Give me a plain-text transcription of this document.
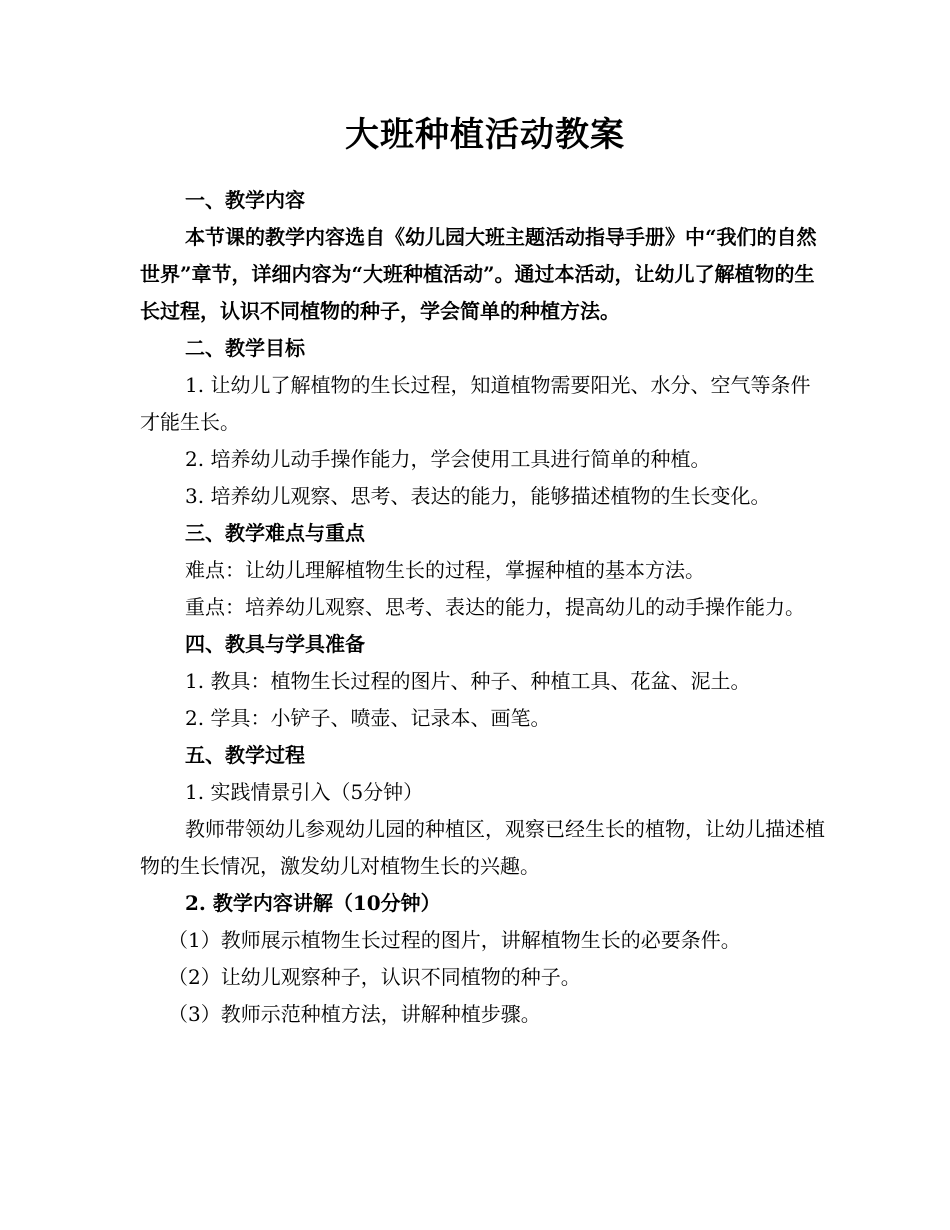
大班种植活动教案

一、教学内容

本节课的教学内容选自《幼儿园大班主题活动指导手册》中“我们的自然世界”章节，详细内容为“大班种植活动”。通过本活动，让幼儿了解植物的生长过程，认识不同植物的种子，学会简单的种植方法。

二、教学目标

1. 让幼儿了解植物的生长过程，知道植物需要阳光、水分、空气等条件才能生长。

2. 培养幼儿动手操作能力，学会使用工具进行简单的种植。

3. 培养幼儿观察、思考、表达的能力，能够描述植物的生长变化。

三、教学难点与重点

难点：让幼儿理解植物生长的过程，掌握种植的基本方法。

重点：培养幼儿观察、思考、表达的能力，提高幼儿的动手操作能力。

四、教具与学具准备

1. 教具：植物生长过程的图片、种子、种植工具、花盆、泥土。

2. 学具：小铲子、喷壶、记录本、画笔。

五、教学过程

1. 实践情景引入（5分钟）

教师带领幼儿参观幼儿园的种植区，观察已经生长的植物，让幼儿描述植物的生长情况，激发幼儿对植物生长的兴趣。

2. 教学内容讲解（10分钟）

（1）教师展示植物生长过程的图片，讲解植物生长的必要条件。

（2）让幼儿观察种子，认识不同植物的种子。

（3）教师示范种植方法，讲解种植步骤。
